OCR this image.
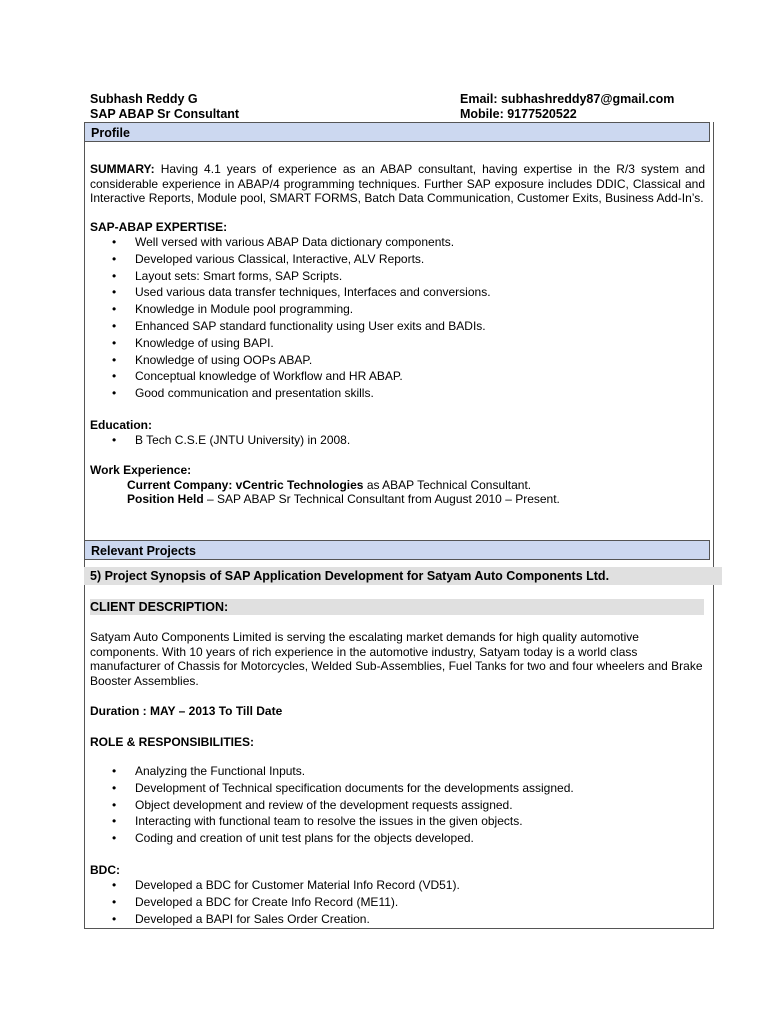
Subhash Reddy G	Email: subhashreddy87@gmail.com
SAP ABAP Sr Consultant	Mobile: 9177520522
Profile

SUMMARY: Having 4.1 years of experience as an ABAP consultant, having expertise in the R/3 system and considerable experience in ABAP/4 programming techniques. Further SAP exposure includes DDIC, Classical and Interactive Reports, Module pool, SMART FORMS, Batch Data Communication, Customer Exits, Business Add-In’s.

SAP-ABAP EXPERTISE:

• Well versed with various ABAP Data dictionary components.
• Developed various Classical, Interactive, ALV Reports.
• Layout sets: Smart forms, SAP Scripts.
• Used various data transfer techniques, Interfaces and conversions.
• Knowledge in Module pool programming.
• Enhanced SAP standard functionality using User exits and BADIs.
• Knowledge of using BAPI.
• Knowledge of using OOPs ABAP.
• Conceptual knowledge of Workflow and HR ABAP.
• Good communication and presentation skills.

Education:

• B Tech C.S.E (JNTU University) in 2008.

Work Experience:

Current Company: vCentric Technologies as ABAP Technical Consultant.

Position Held – SAP ABAP Sr Technical Consultant from August 2010 – Present.

Relevant Projects
5) Project Synopsis of SAP Application Development for Satyam Auto Components Ltd.
CLIENT DESCRIPTION:

Satyam Auto Components Limited is serving the escalating market demands for high quality automotive components. With 10 years of rich experience in the automotive industry, Satyam today is a world class manufacturer of Chassis for Motorcycles, Welded Sub-Assemblies, Fuel Tanks for two and four wheelers and Brake Booster Assemblies.

Duration : MAY – 2013 To Till Date

ROLE & RESPONSIBILITIES:

• Analyzing the Functional Inputs.
• Development of Technical specification documents for the developments assigned.
• Object development and review of the development requests assigned.
• Interacting with functional team to resolve the issues in the given objects.
• Coding and creation of unit test plans for the objects developed.

BDC:

• Developed a BDC for Customer Material Info Record (VD51).
• Developed a BDC for Create Info Record (ME11).
• Developed a BAPI for Sales Order Creation.
